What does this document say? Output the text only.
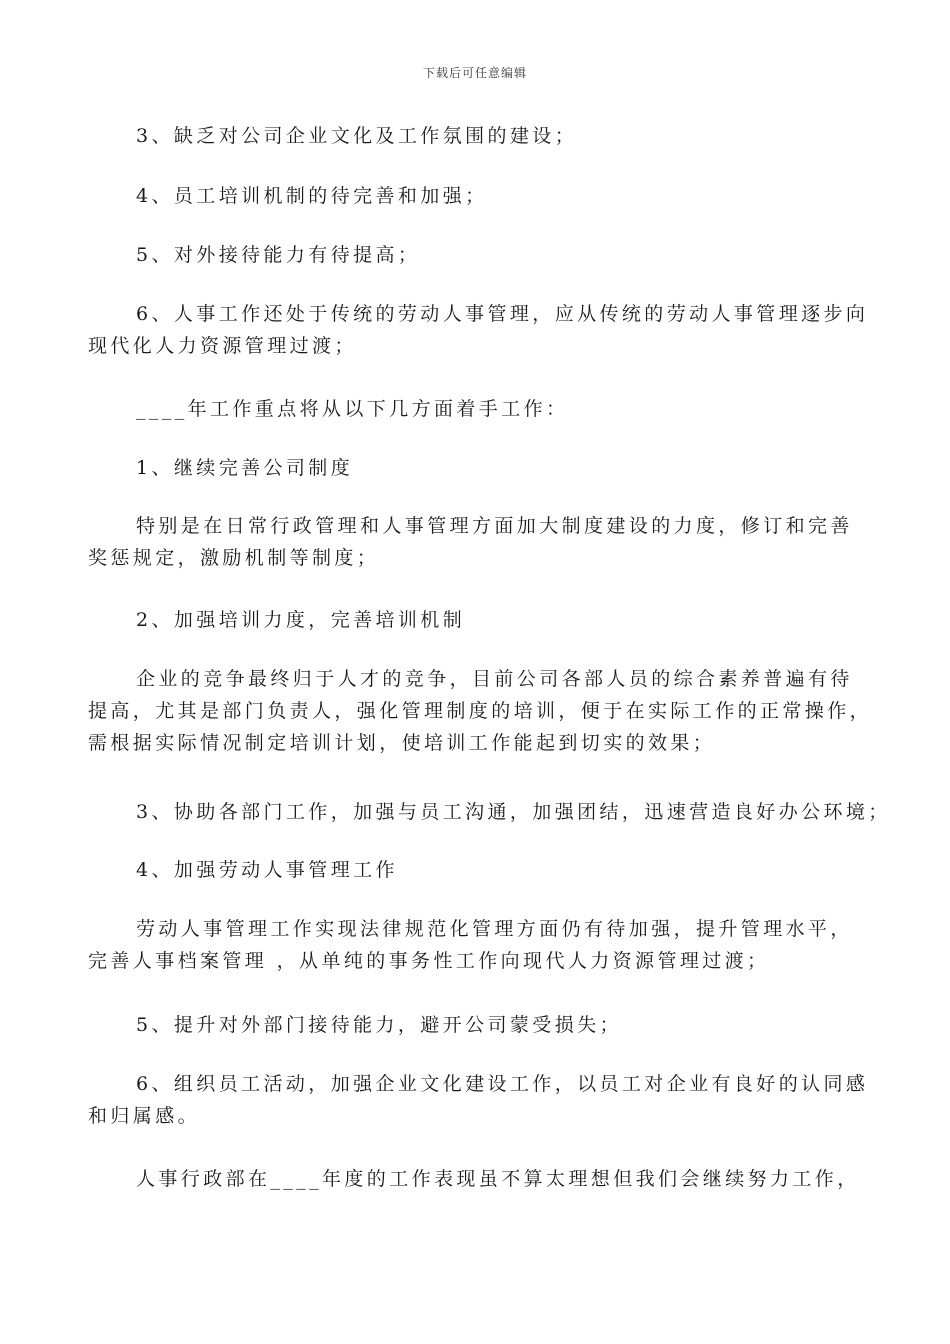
下载后可任意编辑
3、缺乏对公司企业文化及工作氛围的建设；
4、员工培训机制的待完善和加强；
5、对外接待能力有待提高；
6、人事工作还处于传统的劳动人事管理，应从传统的劳动人事管理逐步向
现代化人力资源管理过渡；
____年工作重点将从以下几方面着手工作：
1、继续完善公司制度
特别是在日常行政管理和人事管理方面加大制度建设的力度，修订和完善
奖惩规定，激励机制等制度；
2、加强培训力度，完善培训机制
企业的竞争最终归于人才的竞争，目前公司各部人员的综合素养普遍有待
提高，尤其是部门负责人，强化管理制度的培训，便于在实际工作的正常操作，
需根据实际情况制定培训计划，使培训工作能起到切实的效果；
3、协助各部门工作，加强与员工沟通，加强团结，迅速营造良好办公环境；
4、加强劳动人事管理工作
劳动人事管理工作实现法律规范化管理方面仍有待加强，提升管理水平，
完善人事档案管理 ，从单纯的事务性工作向现代人力资源管理过渡；
5、提升对外部门接待能力，避开公司蒙受损失；
6、组织员工活动，加强企业文化建设工作，以员工对企业有良好的认同感
和归属感。
人事行政部在____年度的工作表现虽不算太理想但我们会继续努力工作，
